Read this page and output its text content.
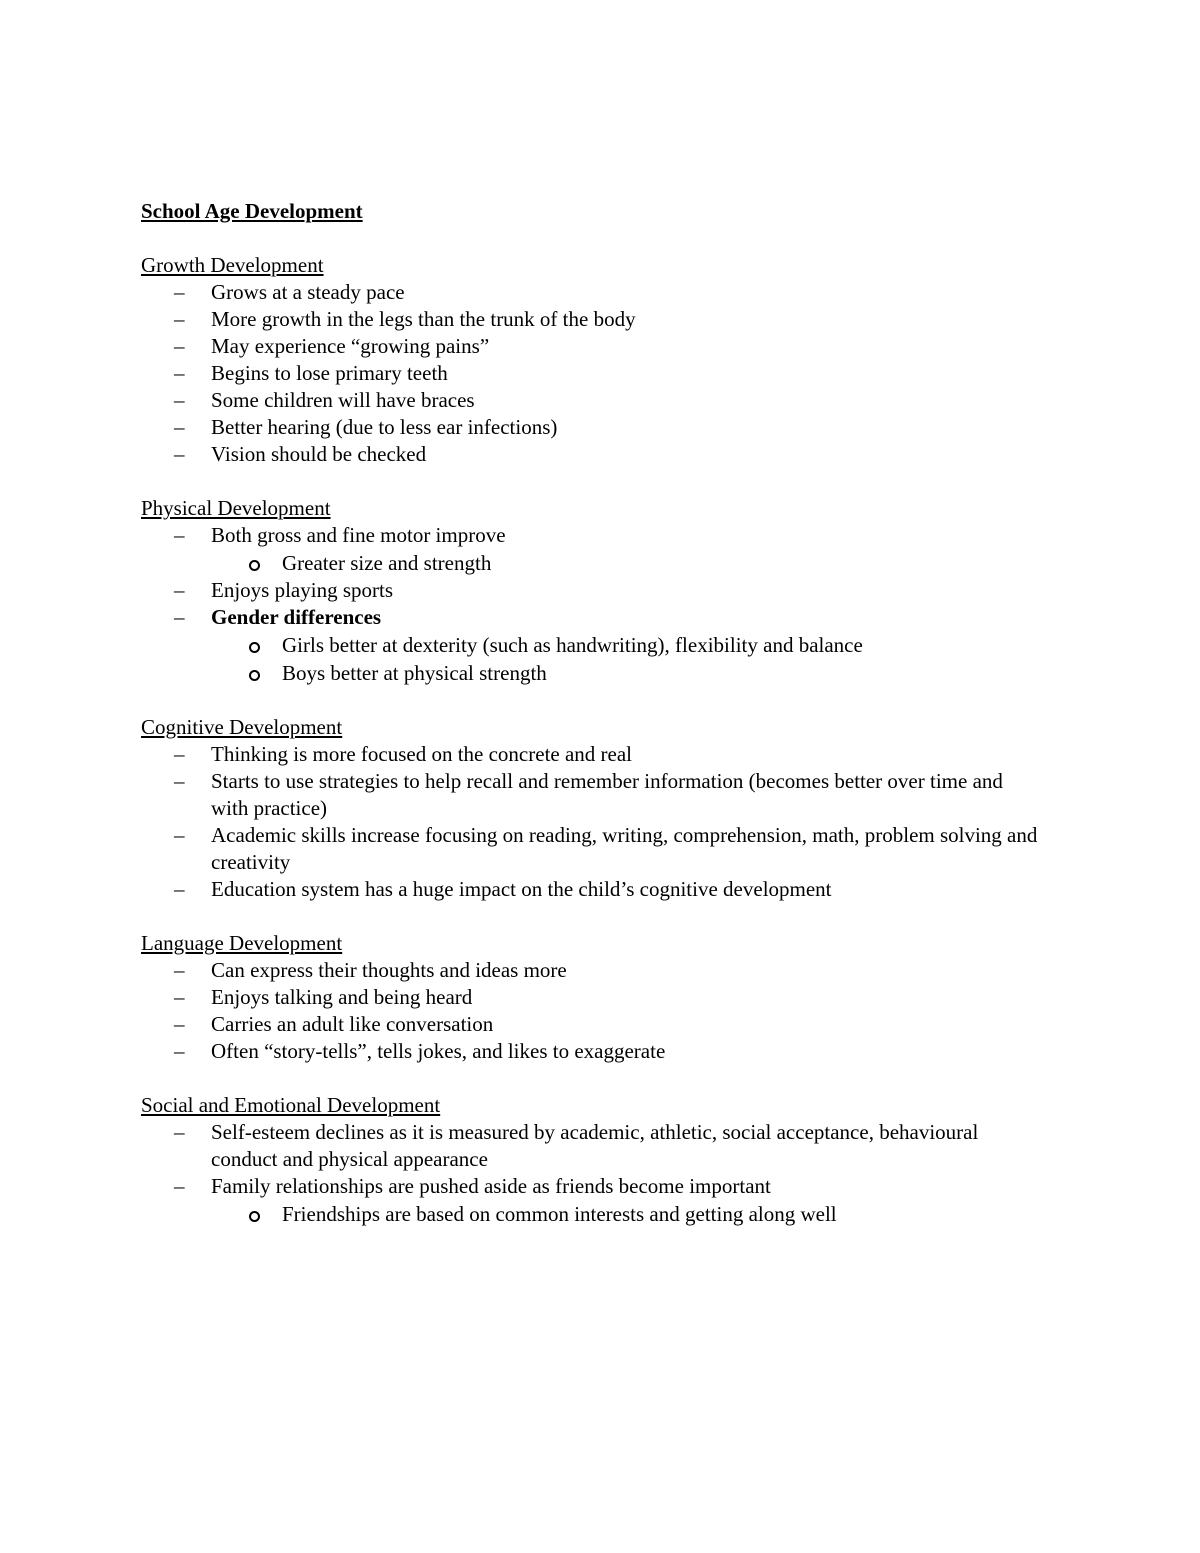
School Age Development
Growth Development
– Grows at a steady pace
– More growth in the legs than the trunk of the body
– May experience “growing pains”
– Begins to lose primary teeth
– Some children will have braces
– Better hearing (due to less ear infections)
– Vision should be checked
Physical Development
– Both gross and fine motor improve
Greater size and strength
– Enjoys playing sports
– Gender differences
Girls better at dexterity (such as handwriting), flexibility and balance
Boys better at physical strength
Cognitive Development
– Thinking is more focused on the concrete and real
– Starts to use strategies to help recall and remember information (becomes better over time and with practice)
– Academic skills increase focusing on reading, writing, comprehension, math, problem solving and creativity
– Education system has a huge impact on the child’s cognitive development
Language Development
– Can express their thoughts and ideas more
– Enjoys talking and being heard
– Carries an adult like conversation
– Often “story-tells”, tells jokes, and likes to exaggerate
Social and Emotional Development
– Self-esteem declines as it is measured by academic, athletic, social acceptance, behavioural conduct and physical appearance
– Family relationships are pushed aside as friends become important
Friendships are based on common interests and getting along well
